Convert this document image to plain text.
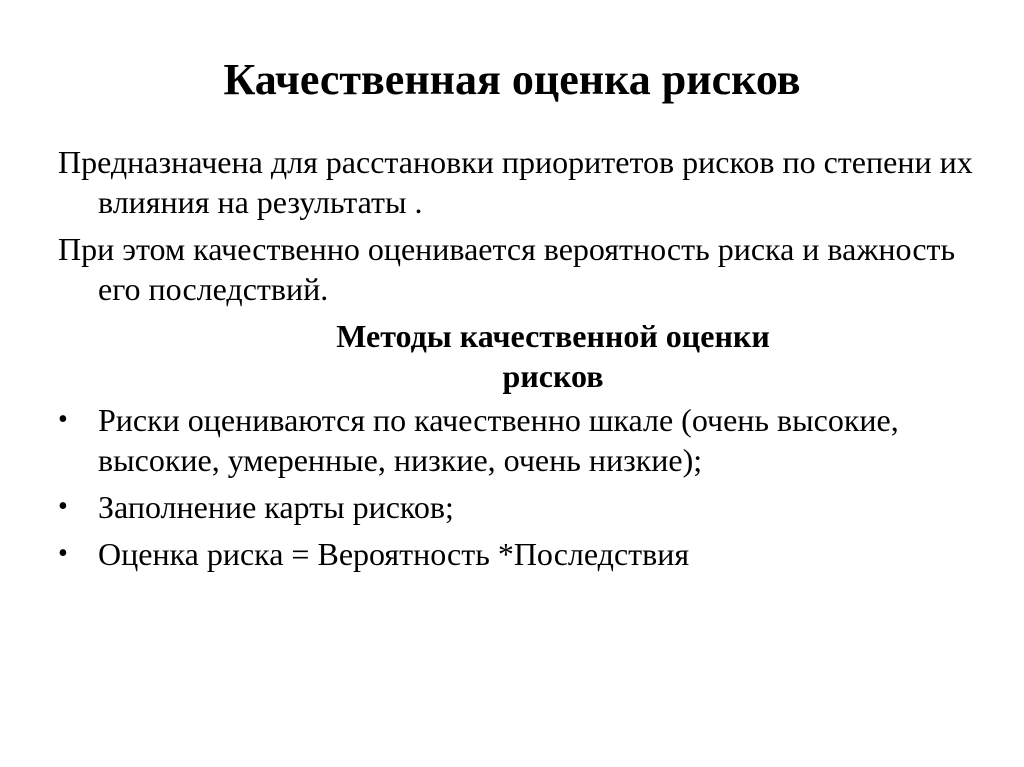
Качественная оценка рисков

Предназначена для расстановки приоритетов рисков по степени их влияния на результаты .

При этом качественно оценивается вероятность риска и важность его последствий.

Методы качественной оценки
рисков
• Риски оцениваются по качественно шкале (очень высокие, высокие, умеренные, низкие, очень низкие);
• Заполнение карты рисков;
• Оценка риска = Вероятность *Последствия
